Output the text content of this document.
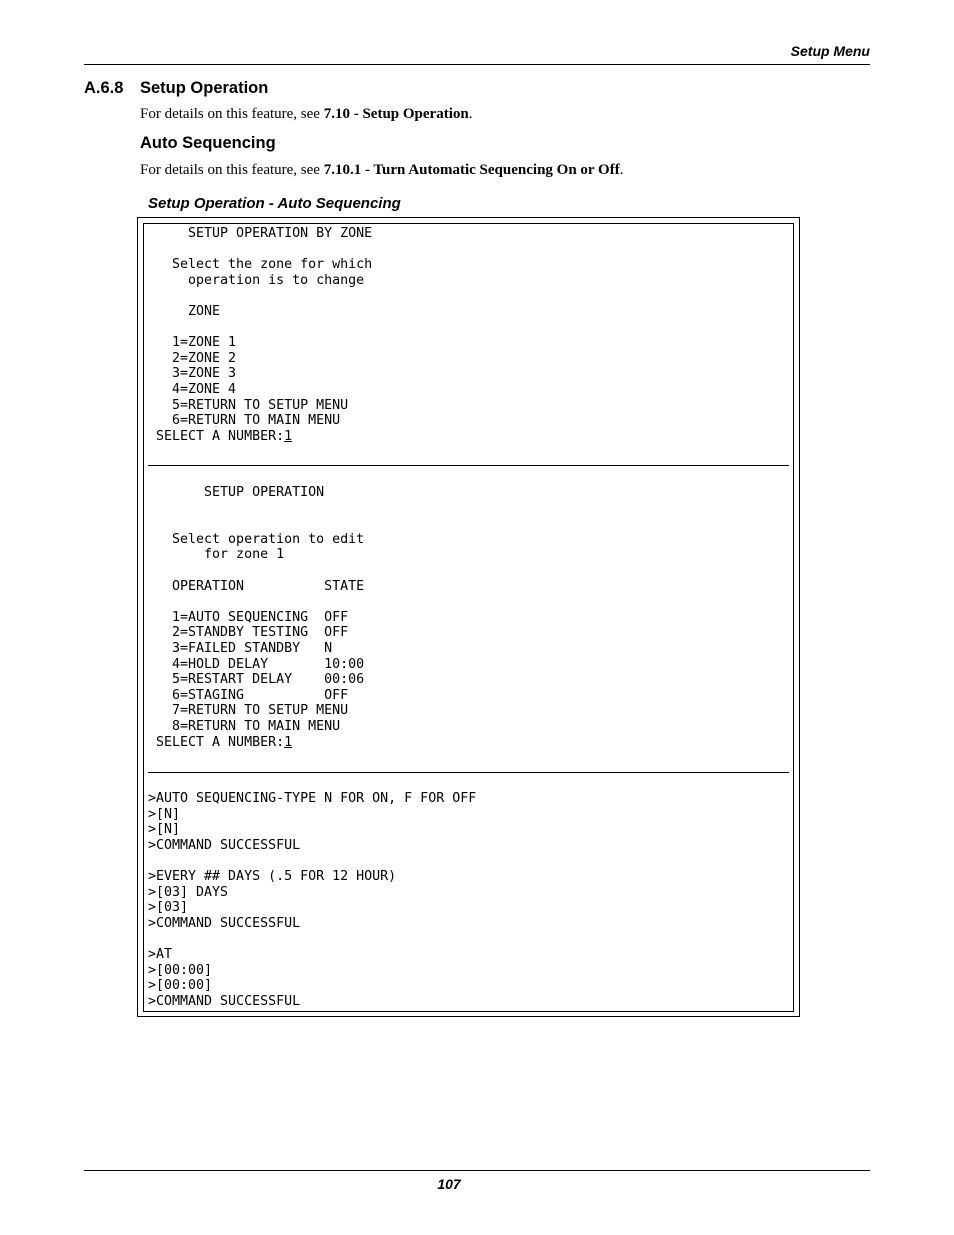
Setup Menu
A.6.8 Setup Operation
For details on this feature, see 7.10 - Setup Operation.
Auto Sequencing
For details on this feature, see 7.10.1 - Turn Automatic Sequencing On or Off.
Setup Operation - Auto Sequencing
SETUP OPERATION BY ZONE

Select the zone for which
operation is to change

ZONE

1=ZONE 1
2=ZONE 2
3=ZONE 3
4=ZONE 4
5=RETURN TO SETUP MENU
6=RETURN TO MAIN MENU
SELECT A NUMBER:1
SETUP OPERATION

Select operation to edit
for zone 1

OPERATION          STATE

1=AUTO SEQUENCING  OFF
2=STANDBY TESTING  OFF
3=FAILED STANDBY   N
4=HOLD DELAY       10:00
5=RESTART DELAY    00:06
6=STAGING          OFF
7=RETURN TO SETUP MENU
8=RETURN TO MAIN MENU
SELECT A NUMBER:1
>AUTO SEQUENCING-TYPE N FOR ON, F FOR OFF
>[N]
>[N]
>COMMAND SUCCESSFUL

>EVERY ## DAYS (.5 FOR 12 HOUR)
>[03] DAYS
>[03]
>COMMAND SUCCESSFUL

>AT
>[00:00]
>[00:00]
>COMMAND SUCCESSFUL
107
